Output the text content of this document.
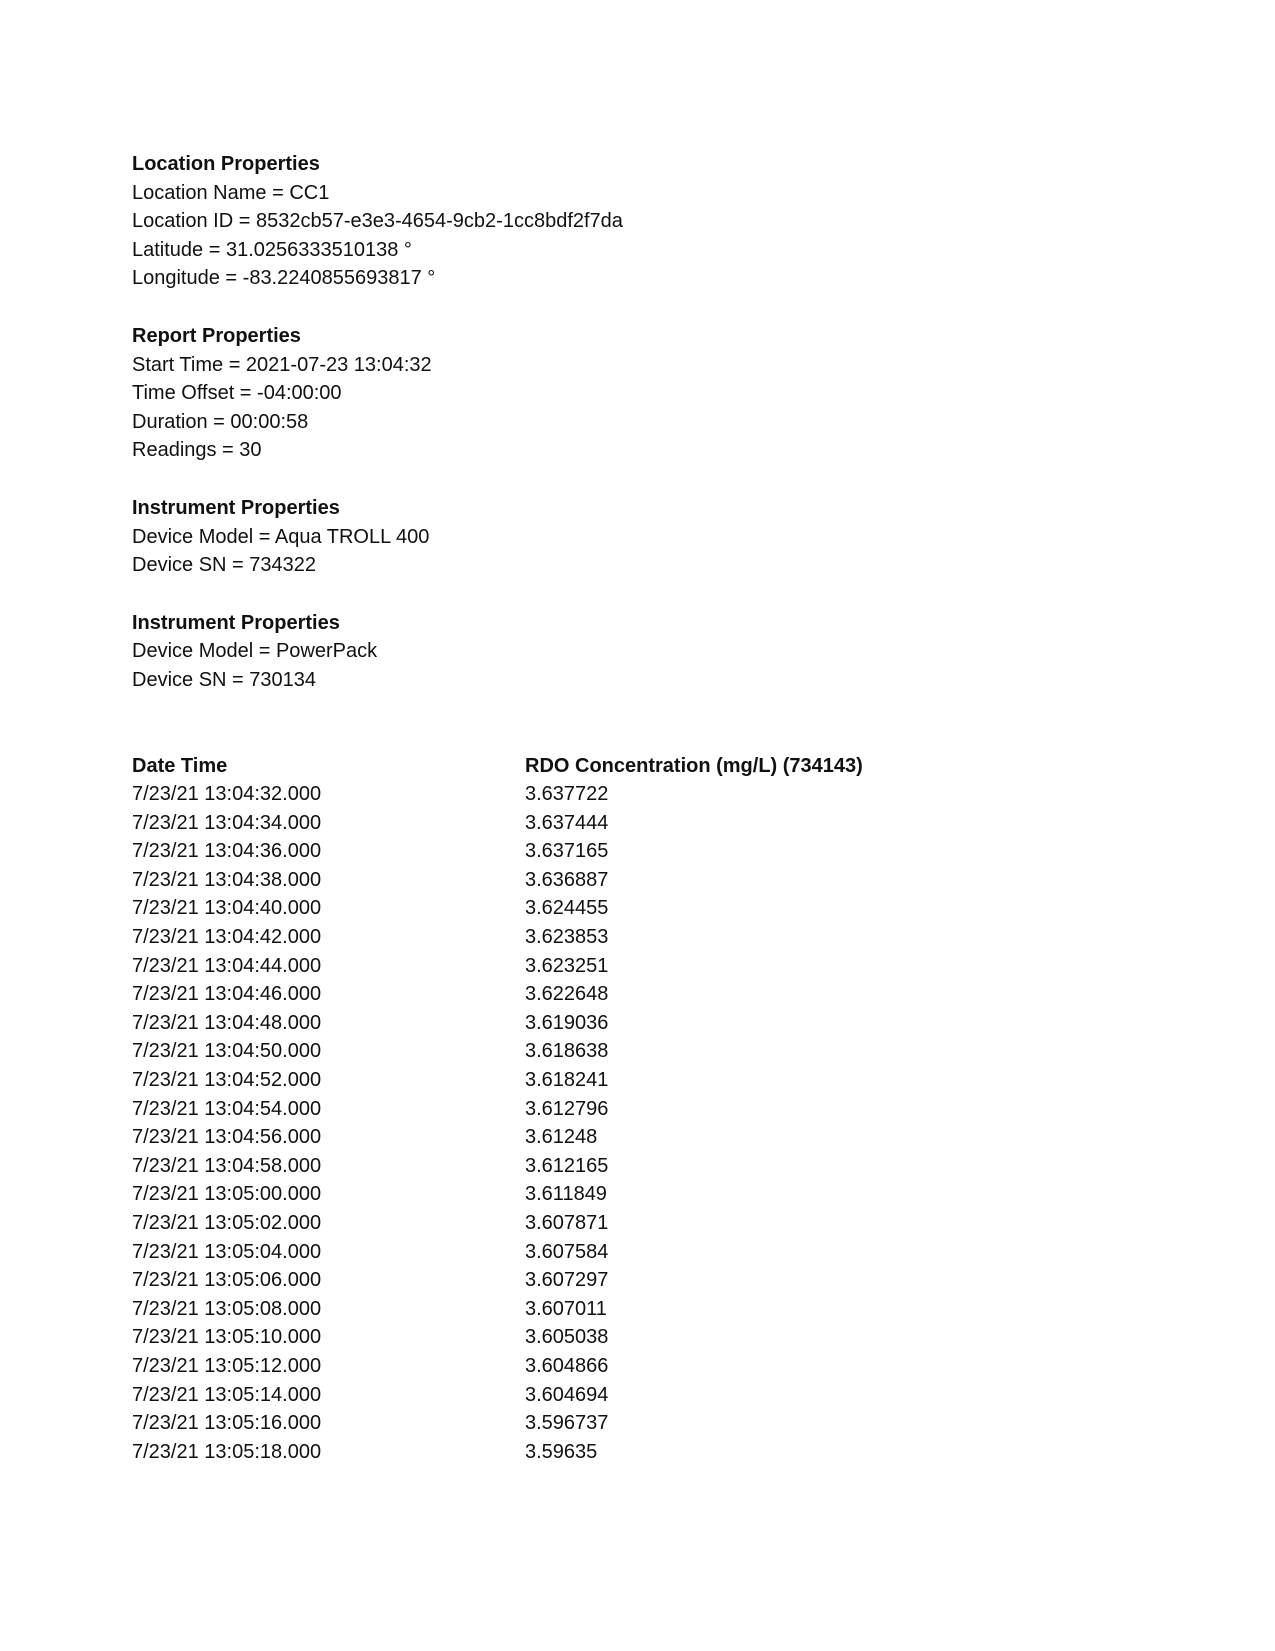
Location Properties
Location Name = CC1
Location ID = 8532cb57-e3e3-4654-9cb2-1cc8bdf2f7da
Latitude = 31.0256333510138 °
Longitude = -83.2240855693817 °
Report Properties
Start Time = 2021-07-23 13:04:32
Time Offset = -04:00:00
Duration = 00:00:58
Readings = 30
Instrument Properties
Device Model = Aqua TROLL 400
Device SN = 734322
Instrument Properties
Device Model = PowerPack
Device SN = 730134
Date Time	RDO Concentration (mg/L) (734143)
7/23/21 13:04:32.000	3.637722
7/23/21 13:04:34.000	3.637444
7/23/21 13:04:36.000	3.637165
7/23/21 13:04:38.000	3.636887
7/23/21 13:04:40.000	3.624455
7/23/21 13:04:42.000	3.623853
7/23/21 13:04:44.000	3.623251
7/23/21 13:04:46.000	3.622648
7/23/21 13:04:48.000	3.619036
7/23/21 13:04:50.000	3.618638
7/23/21 13:04:52.000	3.618241
7/23/21 13:04:54.000	3.612796
7/23/21 13:04:56.000	3.61248
7/23/21 13:04:58.000	3.612165
7/23/21 13:05:00.000	3.611849
7/23/21 13:05:02.000	3.607871
7/23/21 13:05:04.000	3.607584
7/23/21 13:05:06.000	3.607297
7/23/21 13:05:08.000	3.607011
7/23/21 13:05:10.000	3.605038
7/23/21 13:05:12.000	3.604866
7/23/21 13:05:14.000	3.604694
7/23/21 13:05:16.000	3.596737
7/23/21 13:05:18.000	3.59635
